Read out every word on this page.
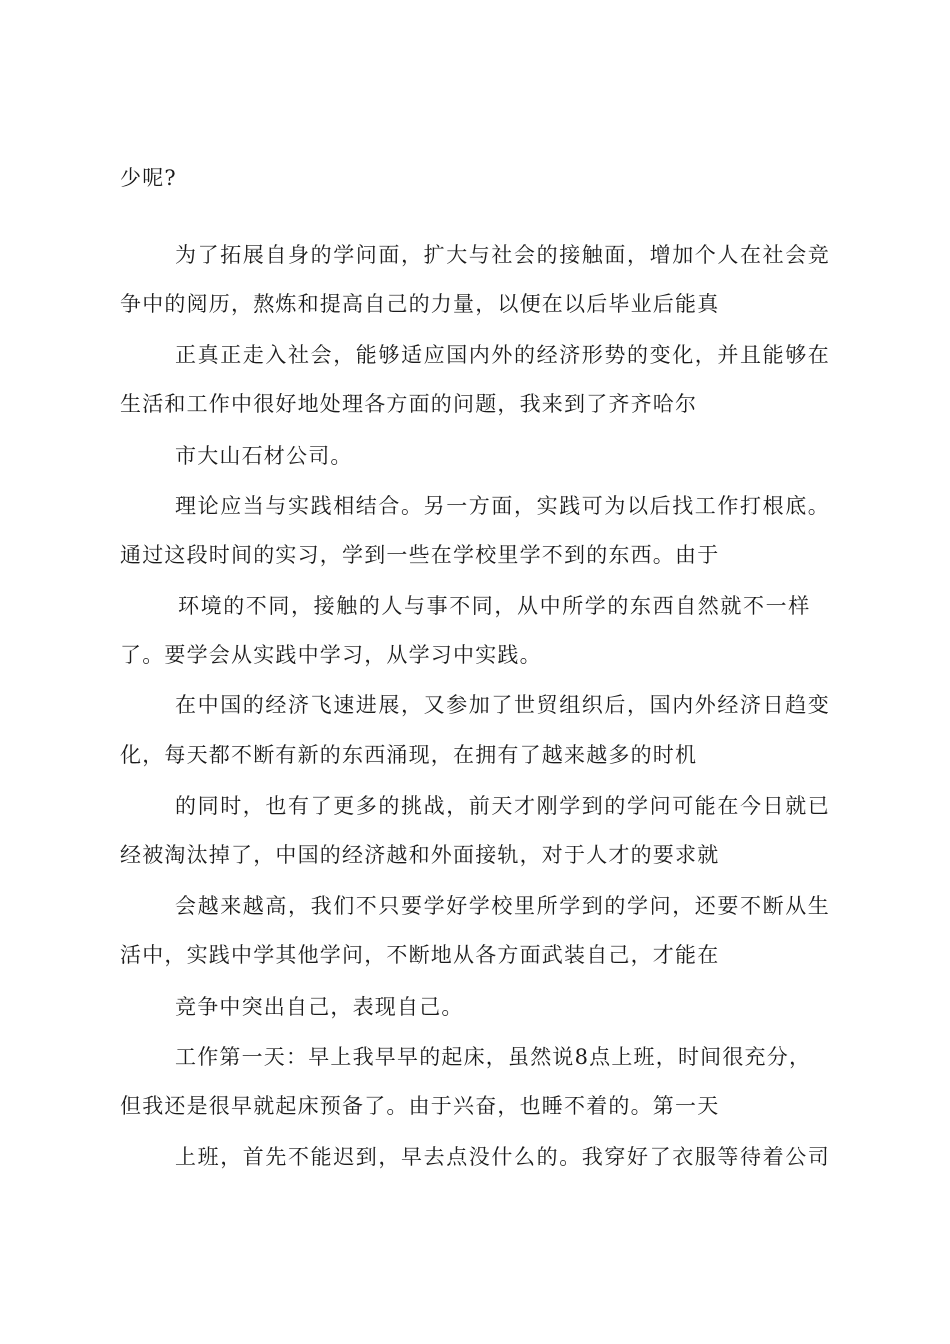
少呢?
为了拓展自身的学问面，扩大与社会的接触面，增加个人在社会竞
争中的阅历，熬炼和提高自己的力量，以便在以后毕业后能真
正真正走入社会，能够适应国内外的经济形势的变化，并且能够在
生活和工作中很好地处理各方面的问题，我来到了齐齐哈尔
市大山石材公司。
理论应当与实践相结合。另一方面，实践可为以后找工作打根底。
通过这段时间的实习，学到一些在学校里学不到的东西。由于
环境的不同，接触的人与事不同，从中所学的东西自然就不一样
了。要学会从实践中学习，从学习中实践。
在中国的经济飞速进展，又参加了世贸组织后，国内外经济日趋变
化，每天都不断有新的东西涌现，在拥有了越来越多的时机
的同时，也有了更多的挑战，前天才刚学到的学问可能在今日就已
经被淘汰掉了，中国的经济越和外面接轨，对于人才的要求就
会越来越高，我们不只要学好学校里所学到的学问，还要不断从生
活中，实践中学其他学问，不断地从各方面武装自己，才能在
竞争中突出自己，表现自己。
工作第一天：早上我早早的起床，虽然说8点上班，时间很充分，
但我还是很早就起床预备了。由于兴奋，也睡不着的。第一天
上班，首先不能迟到，早去点没什么的。我穿好了衣服等待着公司
